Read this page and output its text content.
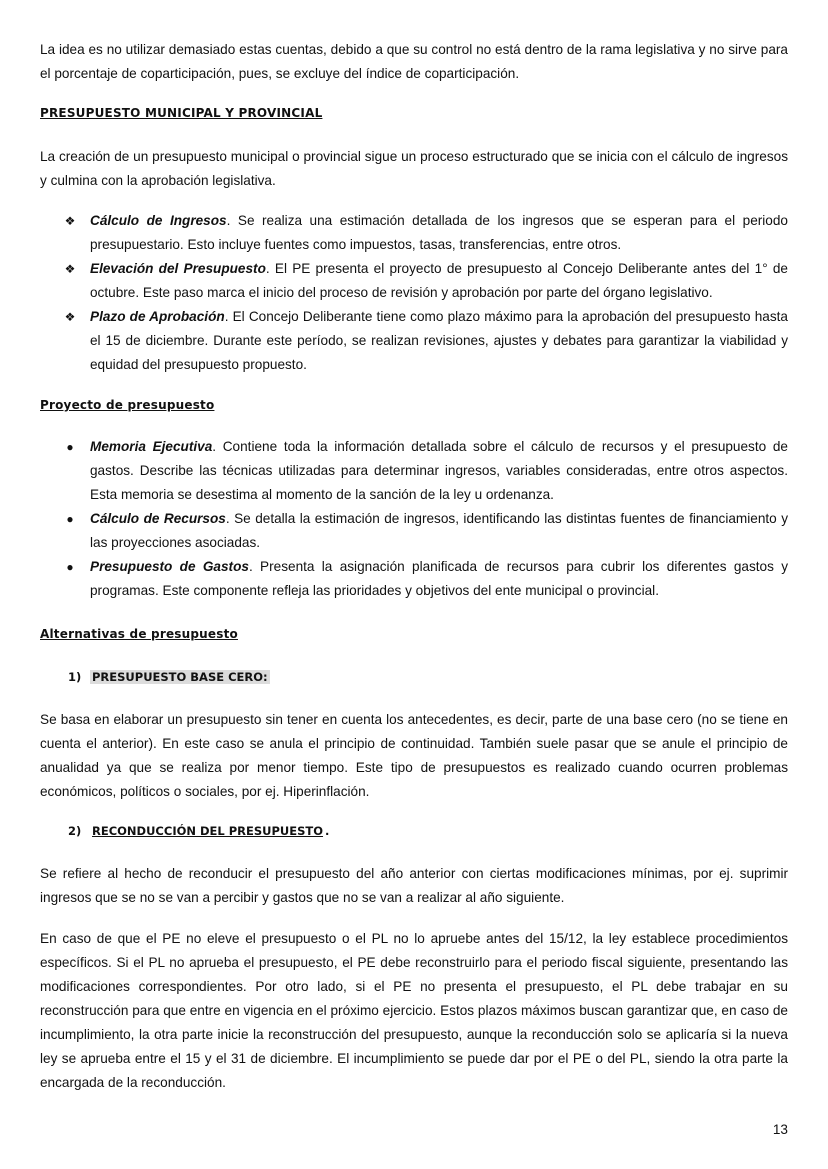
La idea es no utilizar demasiado estas cuentas, debido a que su control no está dentro de la rama legislativa y no sirve para el porcentaje de coparticipación, pues, se excluye del índice de coparticipación.

PRESUPUESTO MUNICIPAL Y PROVINCIAL

La creación de un presupuesto municipal o provincial sigue un proceso estructurado que se inicia con el cálculo de ingresos y culmina con la aprobación legislativa.

❖ Cálculo de Ingresos. Se realiza una estimación detallada de los ingresos que se esperan para el periodo presupuestario. Esto incluye fuentes como impuestos, tasas, transferencias, entre otros.
❖ Elevación del Presupuesto. El PE presenta el proyecto de presupuesto al Concejo Deliberante antes del 1° de octubre. Este paso marca el inicio del proceso de revisión y aprobación por parte del órgano legislativo.
❖ Plazo de Aprobación. El Concejo Deliberante tiene como plazo máximo para la aprobación del presupuesto hasta el 15 de diciembre. Durante este período, se realizan revisiones, ajustes y debates para garantizar la viabilidad y equidad del presupuesto propuesto.
Proyecto de presupuesto
● Memoria Ejecutiva. Contiene toda la información detallada sobre el cálculo de recursos y el presupuesto de gastos. Describe las técnicas utilizadas para determinar ingresos, variables consideradas, entre otros aspectos. Esta memoria se desestima al momento de la sanción de la ley u ordenanza.
● Cálculo de Recursos. Se detalla la estimación de ingresos, identificando las distintas fuentes de financiamiento y las proyecciones asociadas.
● Presupuesto de Gastos. Presenta la asignación planificada de recursos para cubrir los diferentes gastos y programas. Este componente refleja las prioridades y objetivos del ente municipal o provincial.
Alternativas de presupuesto
1) PRESUPUESTO BASE CERO:

Se basa en elaborar un presupuesto sin tener en cuenta los antecedentes, es decir, parte de una base cero (no se tiene en cuenta el anterior). En este caso se anula el principio de continuidad. También suele pasar que se anule el principio de anualidad ya que se realiza por menor tiempo. Este tipo de presupuestos es realizado cuando ocurren problemas económicos, políticos o sociales, por ej. Hiperinflación.

2) RECONDUCCIÓN DEL PRESUPUESTO .

Se refiere al hecho de reconducir el presupuesto del año anterior con ciertas modificaciones mínimas, por ej. suprimir ingresos que se no se van a percibir y gastos que no se van a realizar al año siguiente.

En caso de que el PE no eleve el presupuesto o el PL no lo apruebe antes del 15/12, la ley establece procedimientos específicos. Si el PL no aprueba el presupuesto, el PE debe reconstruirlo para el periodo fiscal siguiente, presentando las modificaciones correspondientes. Por otro lado, si el PE no presenta el presupuesto, el PL debe trabajar en su reconstrucción para que entre en vigencia en el próximo ejercicio. Estos plazos máximos buscan garantizar que, en caso de incumplimiento, la otra parte inicie la reconstrucción del presupuesto, aunque la reconducción solo se aplicaría si la nueva ley se aprueba entre el 15 y el 31 de diciembre. El incumplimiento se puede dar por el PE o del PL, siendo la otra parte la encargada de la reconducción.

13
